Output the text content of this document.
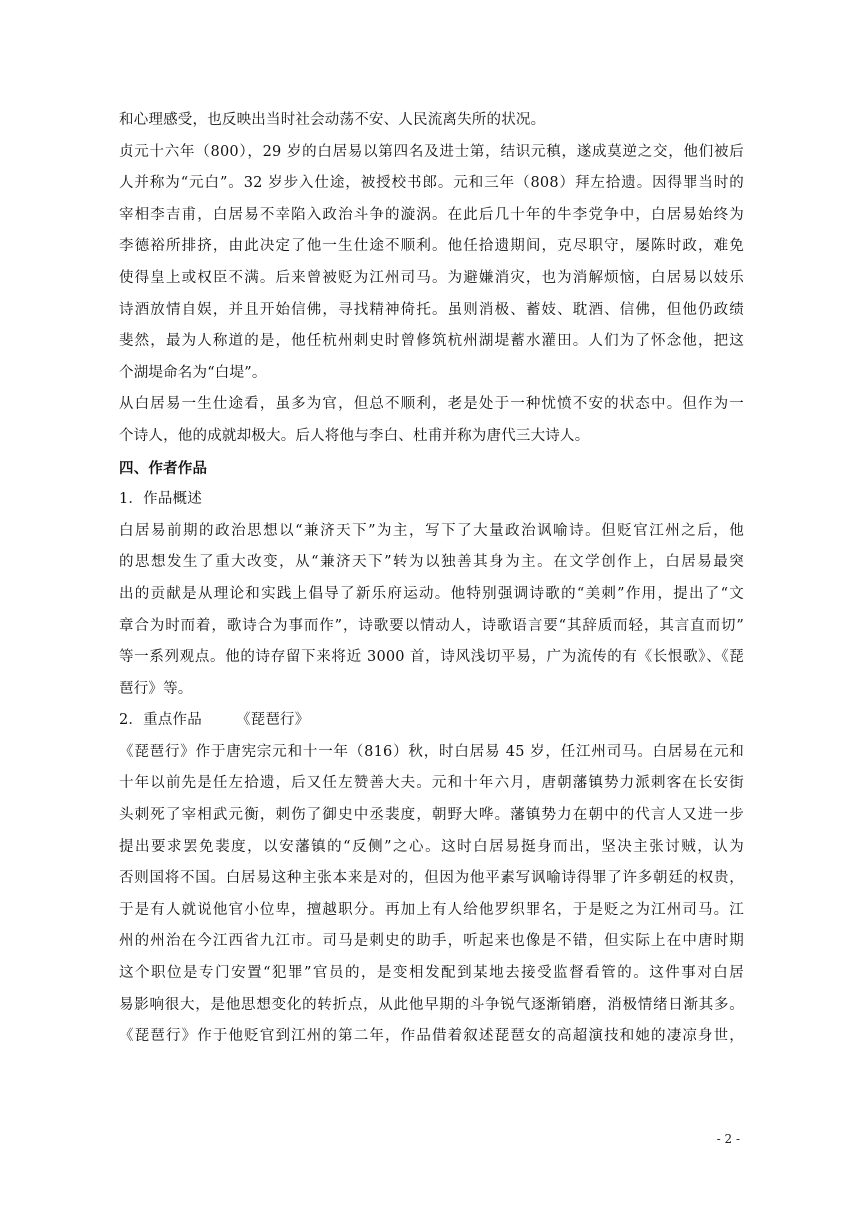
和心理感受，也反映出当时社会动荡不安、人民流离失所的状况。
贞元十六年（800），29 岁的白居易以第四名及进士第，结识元稹，遂成莫逆之交，他们被后
人并称为“元白”。32 岁步入仕途，被授校书郎。元和三年（808）拜左拾遗。因得罪当时的
宰相李吉甫，白居易不幸陷入政治斗争的漩涡。在此后几十年的牛李党争中，白居易始终为
李德裕所排挤，由此决定了他一生仕途不顺利。他任拾遗期间，克尽职守，屡陈时政，难免
使得皇上或权臣不满。后来曾被贬为江州司马。为避嫌消灾，也为消解烦恼，白居易以妓乐
诗酒放情自娱，并且开始信佛，寻找精神倚托。虽则消极、蓄妓、耽酒、信佛，但他仍政绩
斐然，最为人称道的是，他任杭州刺史时曾修筑杭州湖堤蓄水灌田。人们为了怀念他，把这
个湖堤命名为“白堤”。
从白居易一生仕途看，虽多为官，但总不顺利，老是处于一种忧愤不安的状态中。但作为一
个诗人，他的成就却极大。后人将他与李白、杜甫并称为唐代三大诗人。
四、作者作品
1．作品概述
白居易前期的政治思想以“兼济天下”为主，写下了大量政治讽喻诗。但贬官江州之后，他
的思想发生了重大改变，从“兼济天下”转为以独善其身为主。在文学创作上，白居易最突
出的贡献是从理论和实践上倡导了新乐府运动。他特别强调诗歌的“美刺”作用，提出了“文
章合为时而着，歌诗合为事而作”，诗歌要以情动人，诗歌语言要“其辞质而轻，其言直而切”
等一系列观点。他的诗存留下来将近 3000 首，诗风浅切平易，广为流传的有《长恨歌》、《琵
琶行》等。
2．重点作品 《琵琶行》
《琵琶行》作于唐宪宗元和十一年（816）秋，时白居易 45 岁，任江州司马。白居易在元和
十年以前先是任左拾遗，后又任左赞善大夫。元和十年六月，唐朝藩镇势力派刺客在长安街
头刺死了宰相武元衡，刺伤了御史中丞裴度，朝野大哗。藩镇势力在朝中的代言人又进一步
提出要求罢免裴度，以安藩镇的“反侧”之心。这时白居易挺身而出，坚决主张讨贼，认为
否则国将不国。白居易这种主张本来是对的，但因为他平素写讽喻诗得罪了许多朝廷的权贵，
于是有人就说他官小位卑，擅越职分。再加上有人给他罗织罪名，于是贬之为江州司马。江
州的州治在今江西省九江市。司马是刺史的助手，听起来也像是不错，但实际上在中唐时期
这个职位是专门安置“犯罪”官员的，是变相发配到某地去接受监督看管的。这件事对白居
易影响很大，是他思想变化的转折点，从此他早期的斗争锐气逐渐销磨，消极情绪日渐其多。
《琵琶行》作于他贬官到江州的第二年，作品借着叙述琵琶女的高超演技和她的凄凉身世，
- 2 -
